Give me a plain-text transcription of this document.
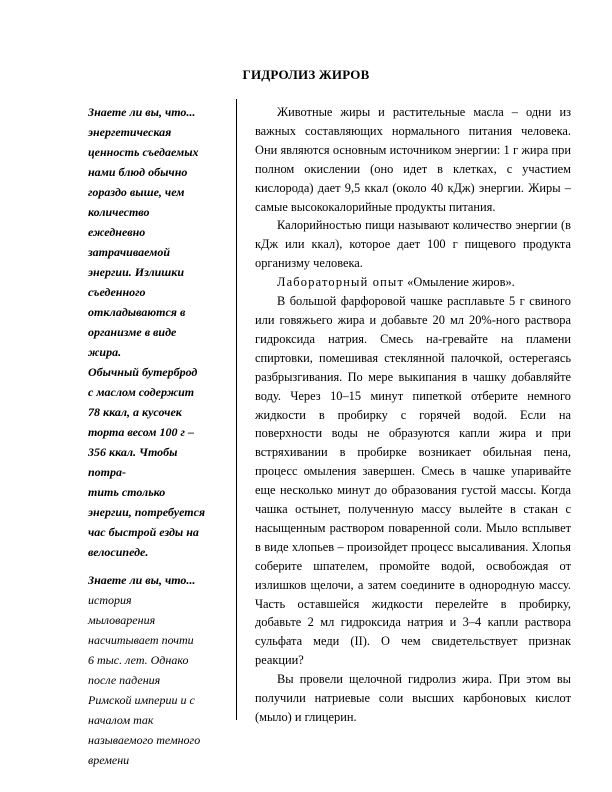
ГИДРОЛИЗ ЖИРОВ
Знаете ли вы, что...
энергетическая
ценность съедаемых
нами блюд обычно
гораздо выше, чем
количество
ежедневно
затрачиваемой
энергии. Излишки
съеденного
откладываются в
организме в виде
жира.
Обычный бутерброд
с маслом содержит
78 ккал, а кусочек
торта весом 100 г –
356 ккал. Чтобы
потра-
тить столько
энергии, потребуется
час быстрой езды на
велосипеде.
Знаете ли вы, что...
история
мыловарения
насчитывает почти
6 тыс. лет. Однако
после падения
Римской империи и с
началом так
называемого темного
времени

Животные жиры и растительные масла – одни из важных составляющих нормального питания человека. Они являются основным источником энергии: 1 г жира при полном окислении (оно идет в клетках, с участием кислорода) дает 9,5 ккал (около 40 кДж) энергии. Жиры – самые высококалорийные продукты питания.

Калорийностью пищи называют количество энергии (в кДж или ккал), которое дает 100 г пищевого продукта организму человека.

Лабораторный опыт «Омыление жиров».

В большой фарфоровой чашке расплавьте 5 г свиного или говяжьего жира и добавьте 20 мл 20%-ного раствора гидроксида натрия. Смесь на-гревайте на пламени спиртовки, помешивая стеклянной палочкой, остерегаясь разбрызгивания. По мере выкипания в чашку добавляйте воду. Через 10–15 минут пипеткой отберите немного жидкости в пробирку с горячей водой. Если на поверхности воды не образуются капли жира и при встряхивании в пробирке возникает обильная пена, процесс омыления завершен. Смесь в чашке упаривайте еще несколько минут до образования густой массы. Когда чашка остынет, полученную массу вылейте в стакан с насыщенным раствором поваренной соли. Мыло всплывет в виде хлопьев – произойдет процесс высаливания. Хлопья соберите шпателем, промойте водой, освобождая от излишков щелочи, а затем соедините в однородную массу. Часть оставшейся жидкости перелейте в пробирку, добавьте 2 мл гидроксида натрия и 3–4 капли раствора сульфата меди (II). О чем свидетельствует признак реакции?

Вы провели щелочной гидролиз жира. При этом вы получили натриевые соли высших карбоновых кислот (мыло) и глицерин.
